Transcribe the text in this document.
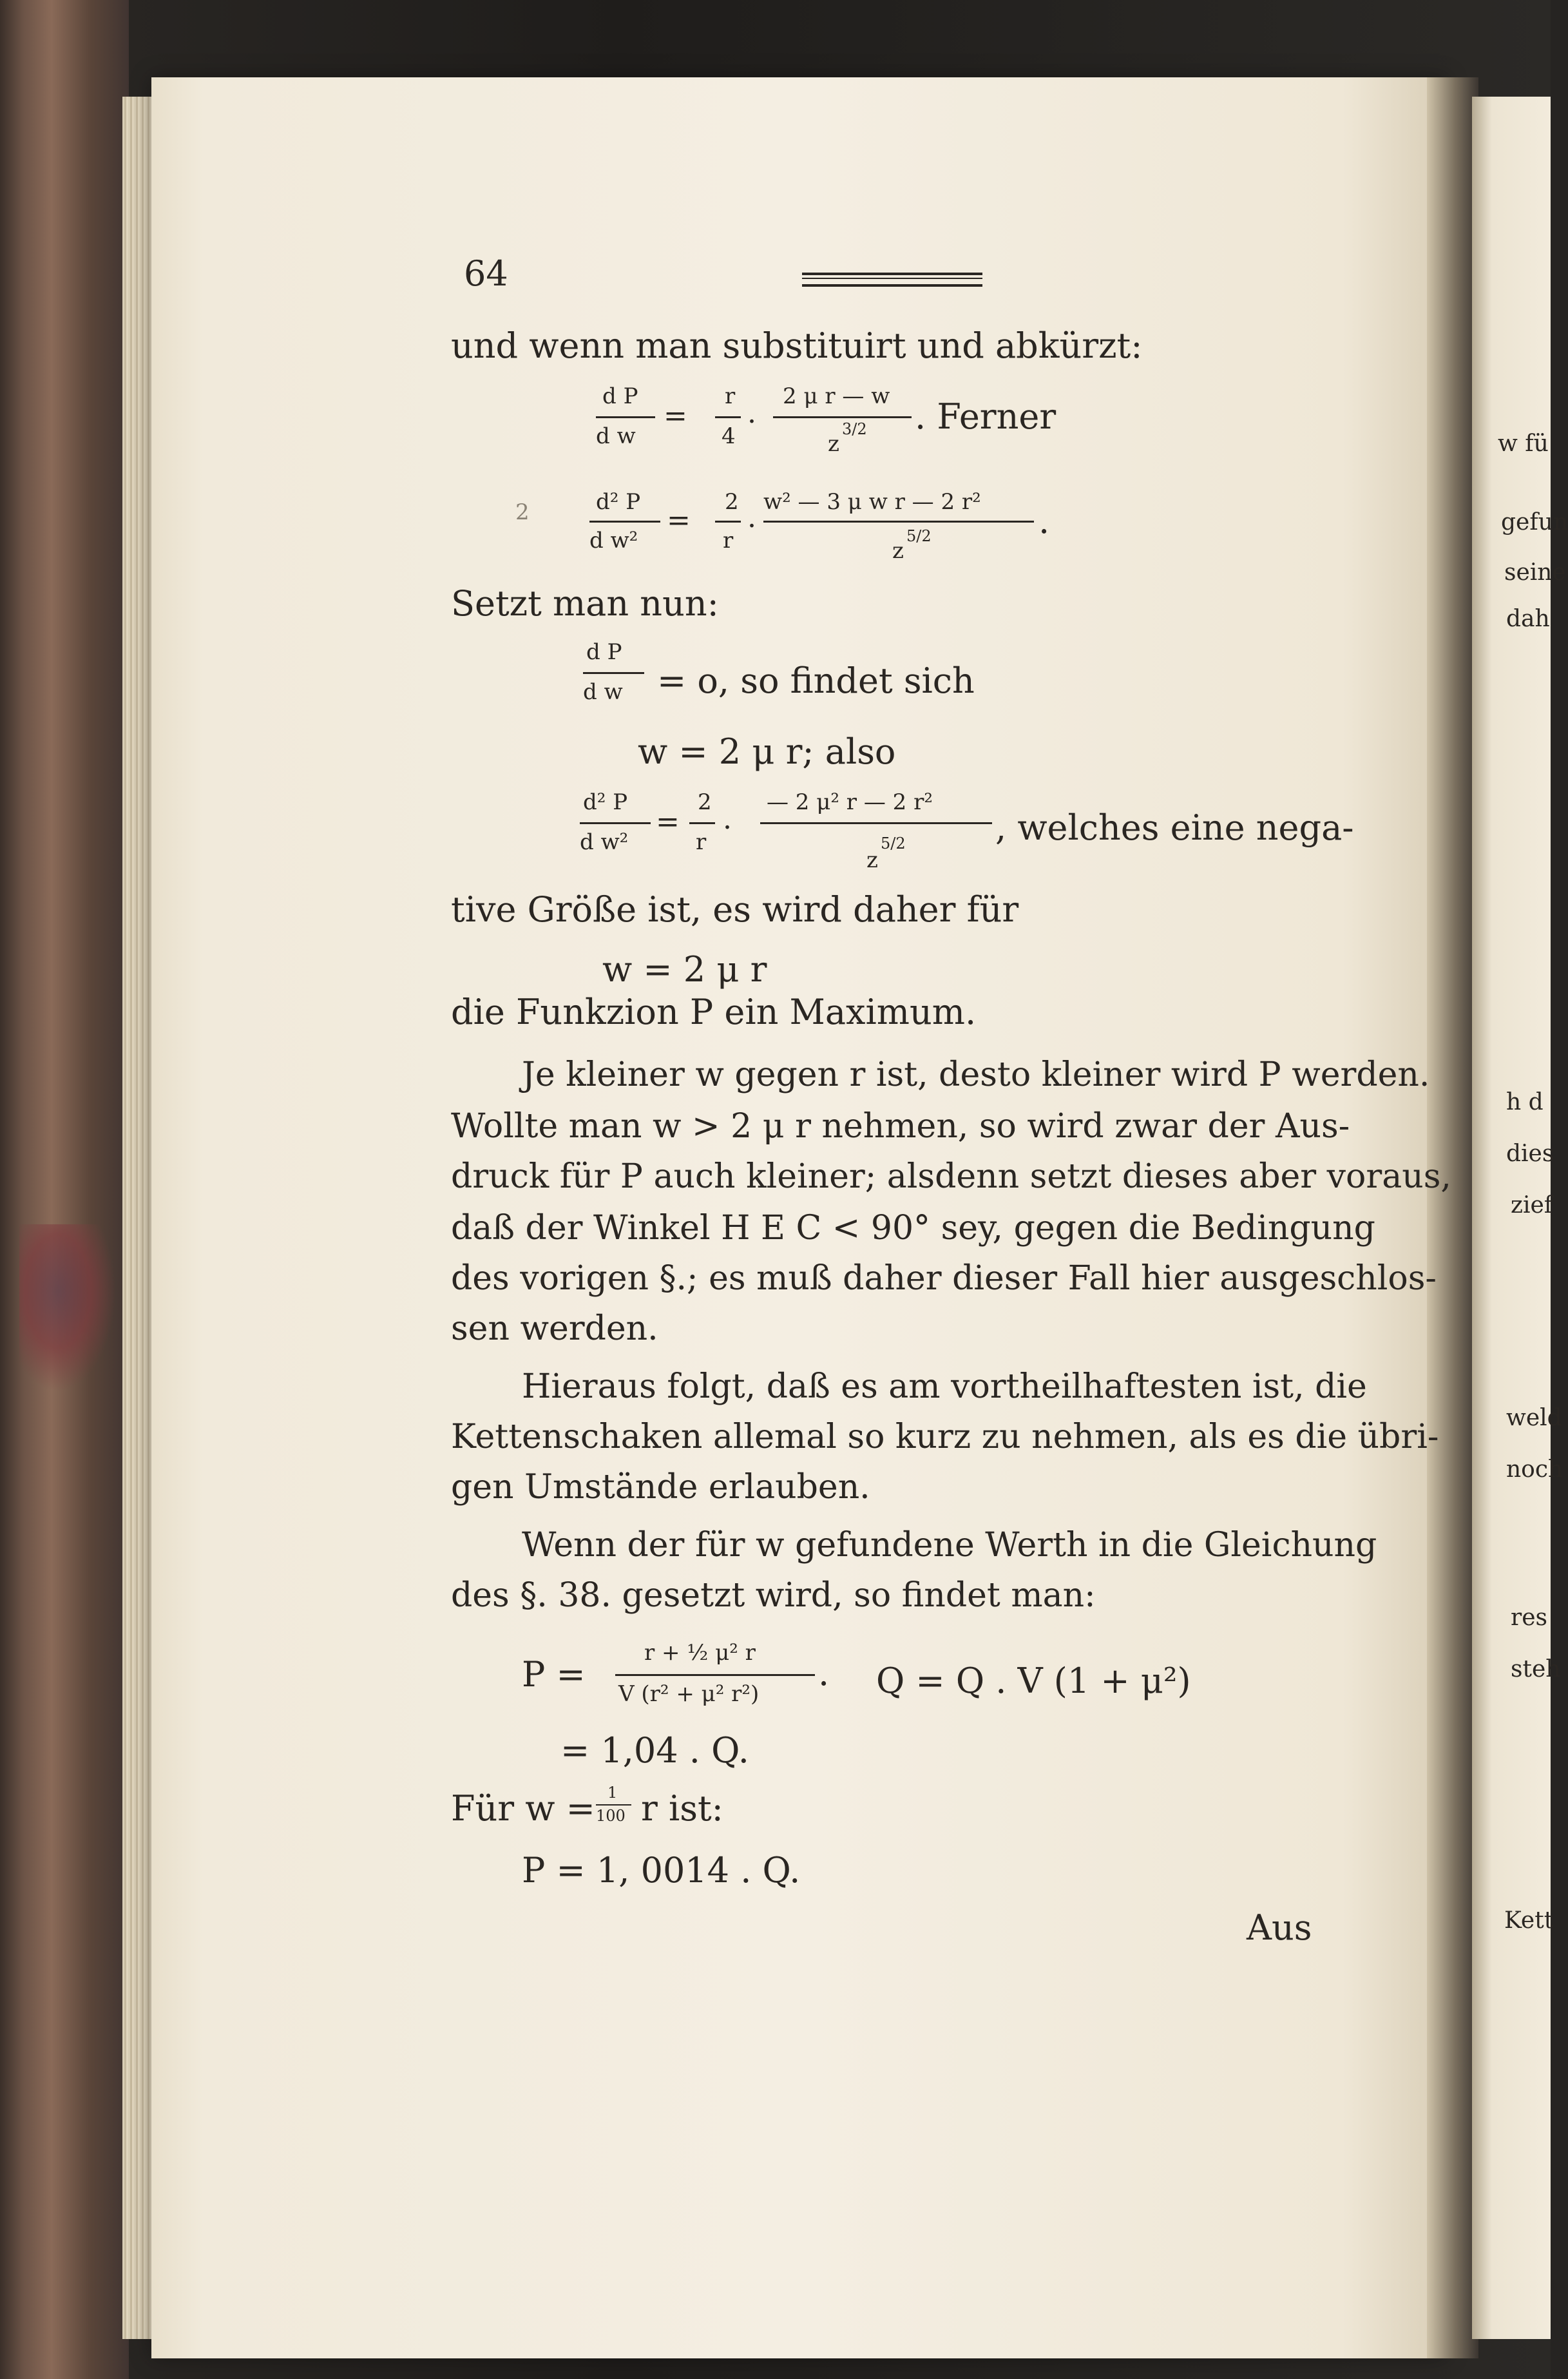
64
und wenn man substituirt und abkürzt:
d P
d w
=
r
4
.
2 μ r — w
z
3/2 . Ferner
2	d² P
d w²
=
2
r
. w² — 3 μ w r — 2 r²
z
5/2	.
Setzt man nun:
d P
d w = o, so findet sich
w = 2 μ r; also
d² P
d w²
=
2
r
.
— 2 μ² r — 2 r²
z
5/2	, welches eine nega-
tive Größe ist, es wird daher für
w = 2 μ r
die Funkzion P ein Maximum.
Je kleiner w gegen r ist, desto kleiner wird P werden.
Wollte man w > 2 μ r nehmen, so wird zwar der Aus-
druck für P auch kleiner; alsdenn setzt dieses aber voraus,
daß der Winkel H E C < 90° sey, gegen die Bedingung
des vorigen §.; es muß daher dieser Fall hier ausgeschlos-
sen werden.
Hieraus folgt, daß es am vortheilhaftesten ist, die
Kettenschaken allemal so kurz zu nehmen, als es die übri-
gen Umstände erlauben.
Wenn der für w gefundene Werth in die Gleichung
des §. 38. gesetzt wird, so findet man:
P =
r + ½ μ² r
V (r² + μ² r²)
. Q = Q . V (1 + μ²)
= 1,04 . Q.
Für w = 1
100 r ist:
P = 1, 0014 . Q.
Aus
w fü
gefun
seine
dah
h d
dies
zief
weld
noch
res
steh
Kett
